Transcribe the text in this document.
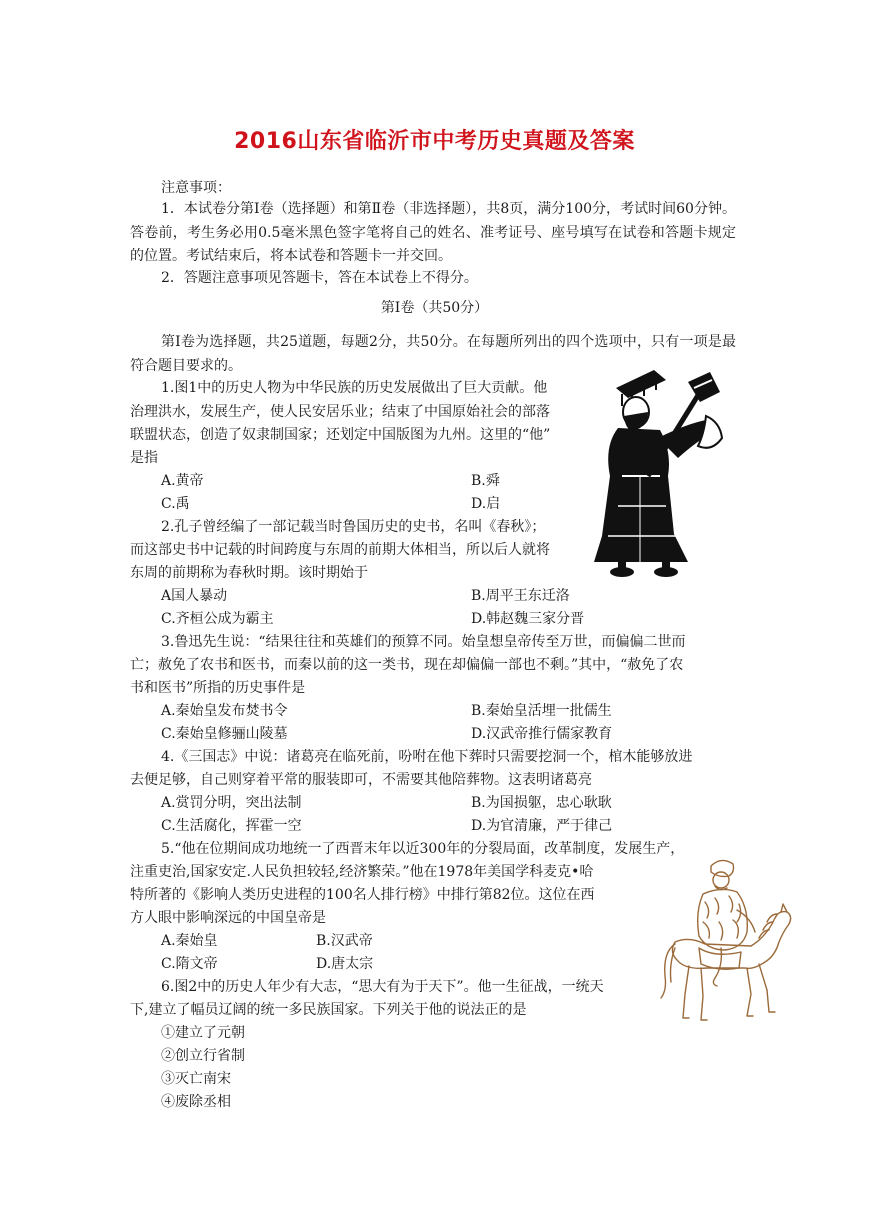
2016山东省临沂市中考历史真题及答案
注意事项：
1．本试卷分第Ⅰ卷（选择题）和第Ⅱ卷（非选择题），共8页，满分100分，考试时间60分钟。答卷前，考生务必用0.5毫米黑色签字笔将自己的姓名、准考证号、座号填写在试卷和答题卡规定的位置。考试结束后，将本试卷和答题卡一并交回。
2．答题注意事项见答题卡，答在本试卷上不得分。
第Ⅰ卷（共50分）
第Ⅰ卷为选择题，共25道题，每题2分，共50分。在每题所列出的四个选项中，只有一项是最符合题目要求的。
1.图1中的历史人物为中华民族的历史发展做出了巨大贡献。他
治理洪水，发展生产，使人民安居乐业；结束了中国原始社会的部落
联盟状态，创造了奴隶制国家；还划定中国版图为九州。这里的“他”
是指
A.黄帝	B.舜
C.禹	D.启
2.孔子曾经编了一部记载当时鲁国历史的史书，名叫《春秋》；
而这部史书中记载的时间跨度与东周的前期大体相当，所以后人就将
东周的前期称为春秋时期。该时期始于
A国人暴动	B.周平王东迁洛
C.齐桓公成为霸主	D.韩赵魏三家分晋
3.鲁迅先生说：“结果往往和英雄们的预算不同。始皇想皇帝传至万世，而偏偏二世而
亡；赦免了农书和医书，而秦以前的这一类书，现在却偏偏一部也不剩。”其中，“赦免了农
书和医书”所指的历史事件是
A.秦始皇发布焚书令	B.秦始皇活埋一批儒生
C.秦始皇修骊山陵墓	D.汉武帝推行儒家教育
4.《三国志》中说：诸葛亮在临死前，吩咐在他下葬时只需要挖洞一个，棺木能够放进
去便足够，自己则穿着平常的服装即可，不需要其他陪葬物。这表明诸葛亮
A.赏罚分明，突出法制	B.为国损躯，忠心耿耿
C.生活腐化，挥霍一空	D.为官清廉，严于律己
5.“他在位期间成功地统一了西晋末年以近300年的分裂局面，改革制度，发展生产，
注重吏治,国家安定.人民负担较轻,经济繁荣。”他在1978年美国学科麦克•哈
特所著的《影响人类历史进程的100名人排行榜》中排行第82位。这位在西
方人眼中影响深远的中国皇帝是
A.秦始皇	B.汉武帝
C.隋文帝	D.唐太宗
6.图2中的历史人年少有大志，“思大有为于天下”。他一生征战，一统天
下,建立了幅员辽阔的统一多民族国家。下列关于他的说法正的是
①建立了元朝
②创立行省制
③灭亡南宋
④废除丞相
